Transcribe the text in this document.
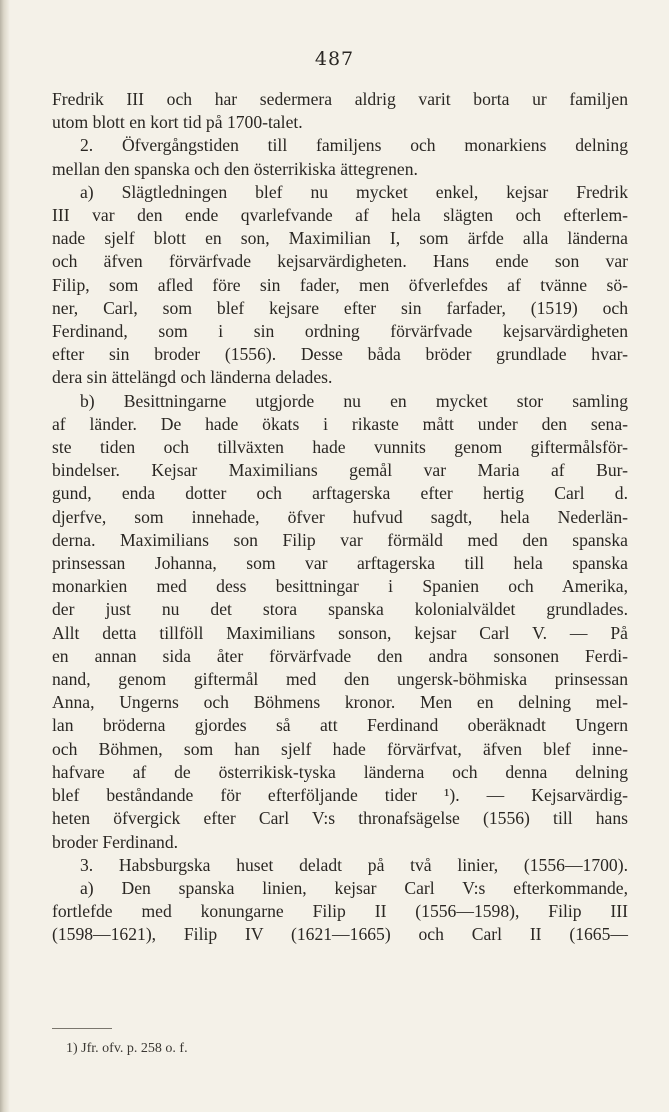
487
Fredrik III och har sedermera aldrig varit borta ur familjen
utom blott en kort tid på 1700-talet.
2. Öfvergångstiden till familjens och monarkiens delning
mellan den spanska och den österrikiska ättegrenen.
a) Slägtledningen blef nu mycket enkel, kejsar Fredrik
III var den ende qvarlefvande af hela slägten och efterlem-
nade sjelf blott en son, Maximilian I, som ärfde alla länderna
och äfven förvärfvade kejsarvärdigheten. Hans ende son var
Filip, som afled före sin fader, men öfverlefdes af tvänne sö-
ner, Carl, som blef kejsare efter sin farfader, (1519) och
Ferdinand, som i sin ordning förvärfvade kejsarvärdigheten
efter sin broder (1556). Desse båda bröder grundlade hvar-
dera sin ättelängd och länderna delades.
b) Besittningarne utgjorde nu en mycket stor samling
af länder. De hade ökats i rikaste mått under den sena-
ste tiden och tillväxten hade vunnits genom giftermålsför-
bindelser. Kejsar Maximilians gemål var Maria af Bur-
gund, enda dotter och arftagerska efter hertig Carl d.
djerfve, som innehade, öfver hufvud sagdt, hela Nederlän-
derna. Maximilians son Filip var förmäld med den spanska
prinsessan Johanna, som var arftagerska till hela spanska
monarkien med dess besittningar i Spanien och Amerika,
der just nu det stora spanska kolonialväldet grundlades.
Allt detta tillföll Maximilians sonson, kejsar Carl V. — På
en annan sida åter förvärfvade den andra sonsonen Ferdi-
nand, genom giftermål med den ungersk-böhmiska prinsessan
Anna, Ungerns och Böhmens kronor. Men en delning mel-
lan bröderna gjordes så att Ferdinand oberäknadt Ungern
och Böhmen, som han sjelf hade förvärfvat, äfven blef inne-
hafvare af de österrikisk-tyska länderna och denna delning
blef beståndande för efterföljande tider ¹). — Kejsarvärdig-
heten öfvergick efter Carl V:s thronafsägelse (1556) till hans
broder Ferdinand.
3. Habsburgska huset deladt på två linier, (1556—1700).
a) Den spanska linien, kejsar Carl V:s efterkommande,
fortlefde med konungarne Filip II (1556—1598), Filip III
(1598—1621), Filip IV (1621—1665) och Carl II (1665—
1) Jfr. ofv. p. 258 o. f.
